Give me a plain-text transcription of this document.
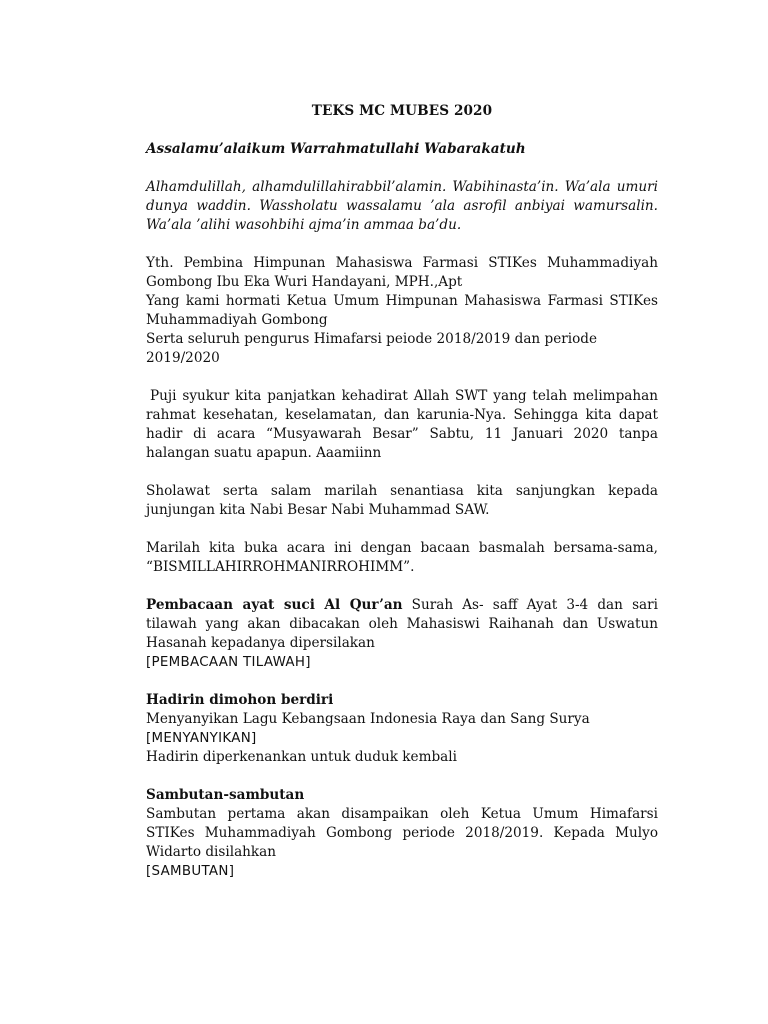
TEKS MC MUBES 2020
Assalamu’alaikum Warrahmatullahi Wabarakatuh
Alhamdulillah, alhamdulillahirabbil’alamin. Wabihinasta’in. Wa’ala umuri dunya waddin. Wassholatu wassalamu ’ala asrofil anbiyai wamursalin. Wa’ala ’alihi wasohbihi ajma’in ammaa ba’du.
Yth. Pembina Himpunan Mahasiswa Farmasi STIKes Muhammadiyah Gombong Ibu Eka Wuri Handayani, MPH.,Apt
Yang kami hormati Ketua Umum Himpunan Mahasiswa Farmasi STIKes Muhammadiyah Gombong
Serta seluruh pengurus Himafarsi peiode 2018/2019 dan periode 2019/2020

Puji syukur kita panjatkan kehadirat Allah SWT yang telah melimpahan rahmat kesehatan, keselamatan, dan karunia-Nya. Sehingga kita dapat hadir di acara “Musyawarah Besar” Sabtu, 11 Januari 2020 tanpa halangan suatu apapun. Aaamiinn

Sholawat serta salam marilah senantiasa kita sanjungkan kepada junjungan kita Nabi Besar Nabi Muhammad SAW.

Marilah kita buka acara ini dengan bacaan basmalah bersama-sama, “BISMILLAHIRROHMANIRROHIMM”.

Pembacaan ayat suci Al Qur’an Surah As- saff Ayat 3-4 dan sari tilawah yang akan dibacakan oleh Mahasiswi Raihanah dan Uswatun Hasanah kepadanya dipersilakan
[PEMBACAAN TILAWAH]
Hadirin dimohon berdiri
Menyanyikan Lagu Kebangsaan Indonesia Raya dan Sang Surya
[MENYANYIKAN]
Hadirin diperkenankan untuk duduk kembali
Sambutan-sambutan
Sambutan pertama akan disampaikan oleh Ketua Umum Himafarsi STIKes Muhammadiyah Gombong periode 2018/2019. Kepada Mulyo Widarto disilahkan
[SAMBUTAN]
